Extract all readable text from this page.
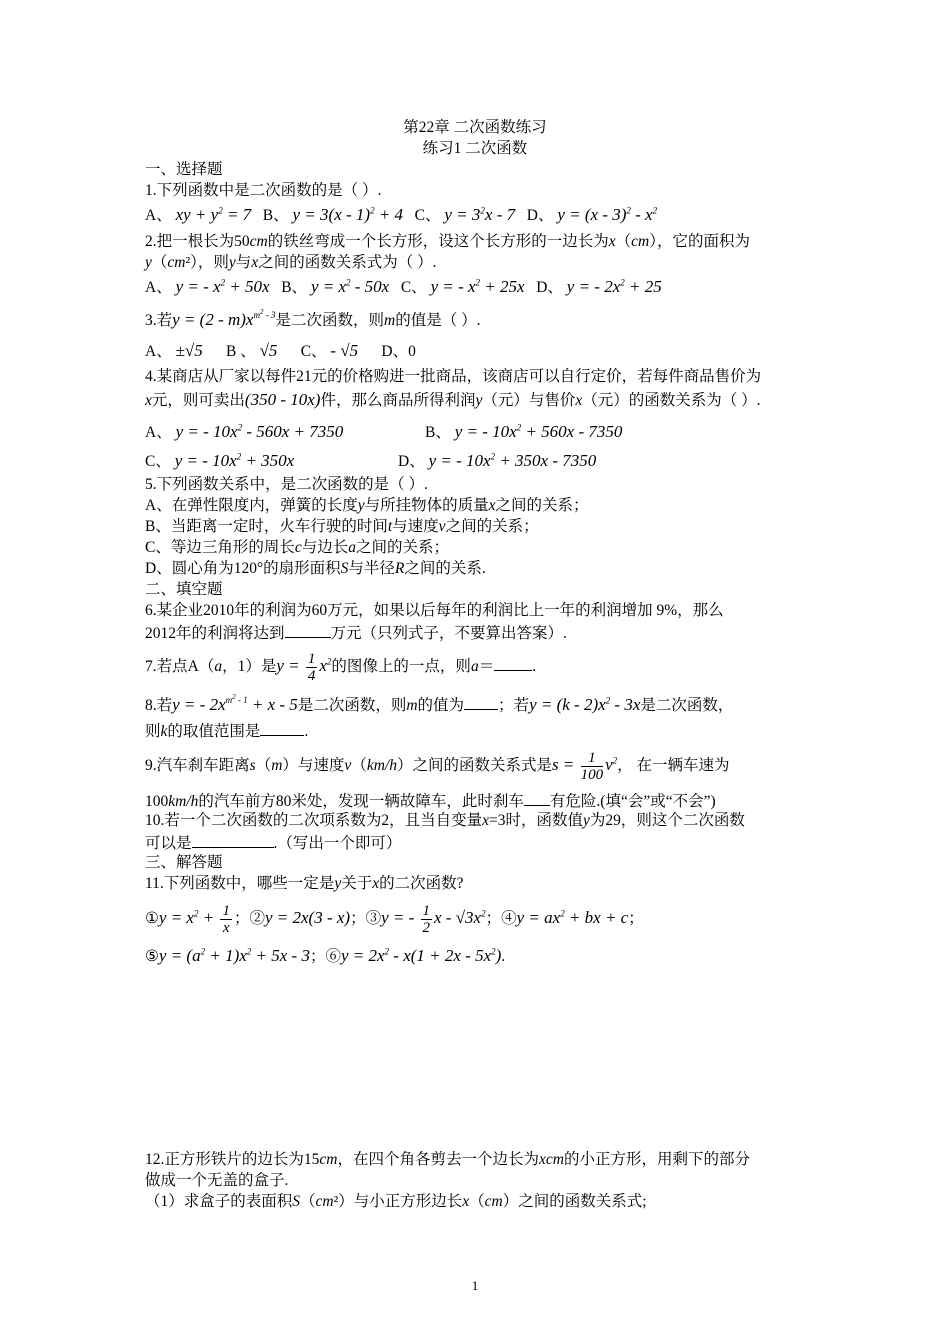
第22章 二次函数练习
练习1 二次函数
一、选择题
1.下列函数中是二次函数的是（ ）.
A、 xy + $y^2 = 7$ B、 y = 3(x - 1)$^2$ + 4 C、 $y = 3^2x - 7$ D、 $y = (x - 3)^2 - x^2$
2.把一根长为50cm的铁丝弯成一个长方形，设这个长方形的一边长为x（cm），它的面积为
y（cm²），则y与x之间的函数关系式为（ ）.
A、 y = - $x^2 + 50x$ B、 $y = x^2 - 50x$ C、 y = - $x^2 + 25x$ D、 y = - $2x^2 + 25$
3.若$y = (2 - m)x^{m^2 - 3}$是二次函数，则m的值是（ ）.
A、 ±√5 B 、 √5 C、 - √5 D、0
4.某商店从厂家以每件21元的价格购进一批商品，该商店可以自行定价，若每件商品售价为
x元，则可卖出(350 - 10x)件，那么商品所得利润y（元）与售价x（元）的函数关系为（ ）.
A、 y = - $10x^2 - 560x + 7350$	B、 y = - $10x^2 + 560x - 7350$
C、 y = - $10x^2 + 350x$	D、 y = - $10x^2 + 350x - 7350$
5.下列函数关系中，是二次函数的是（ ）.
A、在弹性限度内，弹簧的长度y与所挂物体的质量x之间的关系；
B、当距离一定时，火车行驶的时间t与速度v之间的关系；
C、等边三角形的周长c与边长a之间的关系；
D、圆心角为120°的扇形面积S与半径R之间的关系.
二、填空题
6.某企业2010年的利润为60万元，如果以后每年的利润比上一年的利润增加 9%，那么
2012年的利润将达到	万元（只列式子，不要算出答案）.
7.若点A（a，1）是$y = \frac{1}{4} x^2$的图像上的一点，则a＝ .
8.若y = - $2x^{m^2 - 1} + x - 5$是二次函数，则m的值为 ；若$y = (k - 2)x^2 - 3x$是二次函数，
则k的取值范围是	.
9.汽车刹车距离s（m）与速度v（km/h）之间的函数关系式是$s = \frac{1}{100} v^2$， 在一辆车速为
100km/h的汽车前方80米处，发现一辆故障车，此时刹车 有危险.(填“会”或“不会”)
10.若一个二次函数的二次项系数为2，且当自变量x=3时，函数值y为29，则这个二次函数
可以是	.（写出一个即可）
三、解答题
11.下列函数中，哪些一定是y关于x的二次函数?
①y = $x^2 + \frac{1}{x}$ ；②y = 2x(3 - x)；③y = - $\frac{1}{2}$ x - $√3x^2$；④y = $ax^2$ + bx + c；
⑤y = $(a^2 + 1)x^2 + 5x - 3$；⑥y = $2x^2 - x(1 + 2x - 5x^2)$.
12.正方形铁片的边长为15cm，在四个角各剪去一个边长为xcm的小正方形，用剩下的部分
做成一个无盖的盒子.
（1）求盒子的表面积S（cm²）与小正方形边长x（cm）之间的函数关系式;
1
